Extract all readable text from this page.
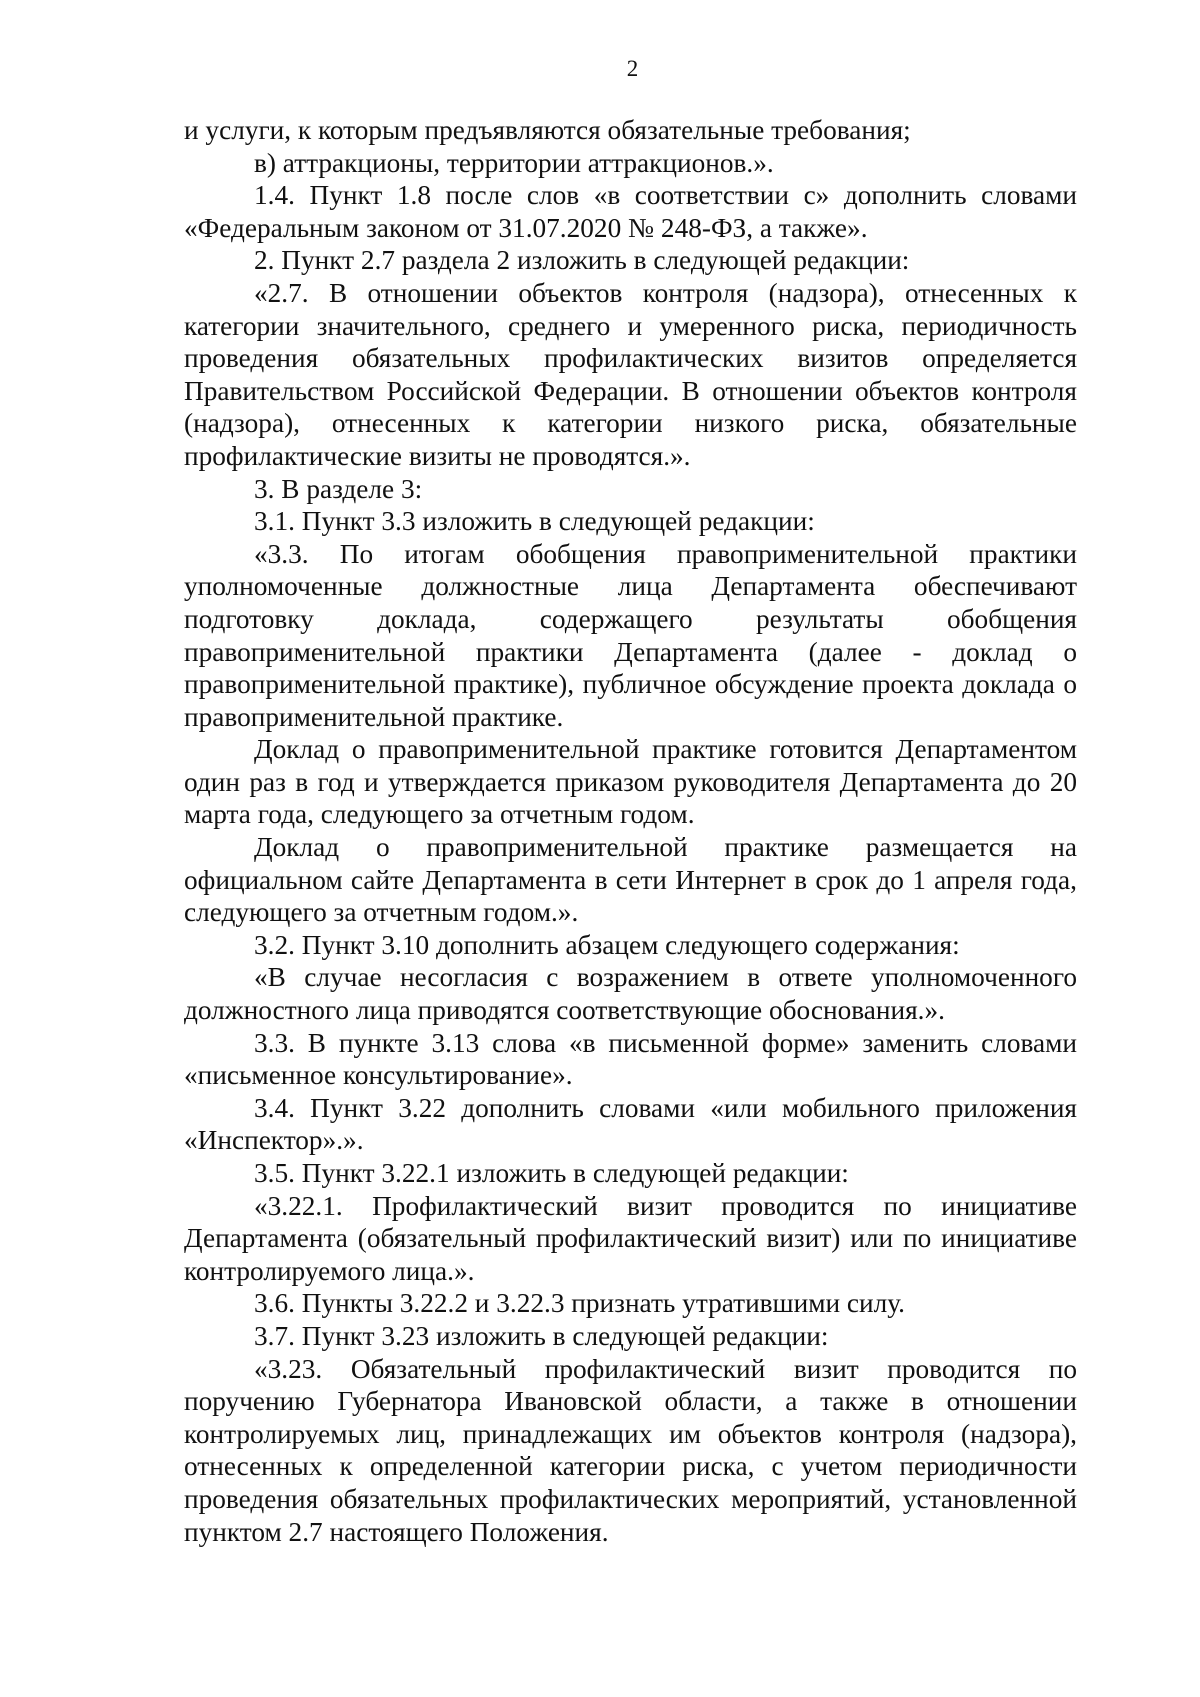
2

и услуги, к которым предъявляются обязательные требования;

в) аттракционы, территории аттракционов.».

1.4. Пункт 1.8 после слов «в соответствии с» дополнить словами «Федеральным законом от 31.07.2020 № 248-ФЗ, а также».

2. Пункт 2.7 раздела 2 изложить в следующей редакции:

«2.7. В отношении объектов контроля (надзора), отнесенных к категории значительного, среднего и умеренного риска, периодичность проведения обязательных профилактических визитов определяется Правительством Российской Федерации. В отношении объектов контроля (надзора), отнесенных к категории низкого риска, обязательные профилактические визиты не проводятся.».

3. В разделе 3:

3.1. Пункт 3.3 изложить в следующей редакции:

«3.3. По итогам обобщения правоприменительной практики уполномоченные должностные лица Департамента обеспечивают подготовку доклада, содержащего результаты обобщения правоприменительной практики Департамента (далее - доклад о правоприменительной практике), публичное обсуждение проекта доклада о правоприменительной практике.

Доклад о правоприменительной практике готовится Департаментом один раз в год и утверждается приказом руководителя Департамента до 20 марта года, следующего за отчетным годом.

Доклад о правоприменительной практике размещается на официальном сайте Департамента в сети Интернет в срок до 1 апреля года, следующего за отчетным годом.».

3.2. Пункт 3.10 дополнить абзацем следующего содержания:

«В случае несогласия с возражением в ответе уполномоченного должностного лица приводятся соответствующие обоснования.».

3.3. В пункте 3.13 слова «в письменной форме» заменить словами «письменное консультирование».

3.4. Пункт 3.22 дополнить словами «или мобильного приложения «Инспектор».».

3.5. Пункт 3.22.1 изложить в следующей редакции:

«3.22.1. Профилактический визит проводится по инициативе Департамента (обязательный профилактический визит) или по инициативе контролируемого лица.».

3.6. Пункты 3.22.2 и 3.22.3 признать утратившими силу.

3.7. Пункт 3.23 изложить в следующей редакции:

«3.23. Обязательный профилактический визит проводится по поручению Губернатора Ивановской области, а также в отношении контролируемых лиц, принадлежащих им объектов контроля (надзора), отнесенных к определенной категории риска, с учетом периодичности проведения обязательных профилактических мероприятий, установленной пунктом 2.7 настоящего Положения.
